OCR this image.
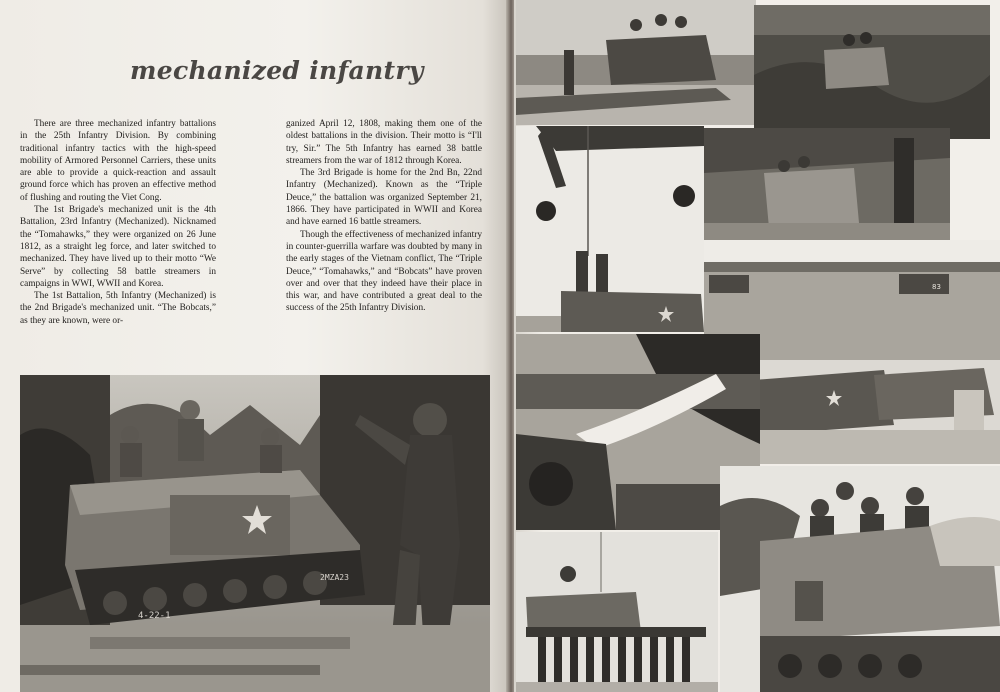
mechanized infantry

There are three mechanized infantry battalions in the 25th Infantry Division. By combining traditional infantry tactics with the high-speed mobility of Armored Personnel Carriers, these units are able to provide a quick-reaction and assault ground force which has proven an effective method of flushing and routing the Viet Cong.

The 1st Brigade's mechanized unit is the 4th Battalion, 23rd Infantry (Mechanized). Nicknamed the “Tomahawks,” they were organized on 26 June 1812, as a straight leg force, and later switched to mechanized. They have lived up to their motto “We Serve” by collecting 58 battle streamers in campaigns in WWI, WWII and Korea.

The 1st Battalion, 5th Infantry (Mechanized) is the 2nd Brigade's mechanized unit. “The Bobcats,” as they are known, were or-

ganized April 12, 1808, making them one of the oldest battalions in the division. Their motto is “I'll try, Sir.” The 5th Infantry has earned 38 battle streamers from the war of 1812 through Korea.

The 3rd Brigade is home for the 2nd Bn, 22nd Infantry (Mechanized). Known as the “Triple Deuce,” the battalion was organized September 21, 1866. They have participated in WWII and Korea and have earned 16 battle streamers.

Though the effectiveness of mechanized infantry in counter-guerrilla warfare was doubted by many in the early stages of the Vietnam conflict, The “Triple Deuce,” “Tomahawks,” and “Bobcats” have proven over and over that they indeed have their place in this war, and have contributed a great deal to the success of the 25th Infantry Division.

4-22-1
2MZA23
83
